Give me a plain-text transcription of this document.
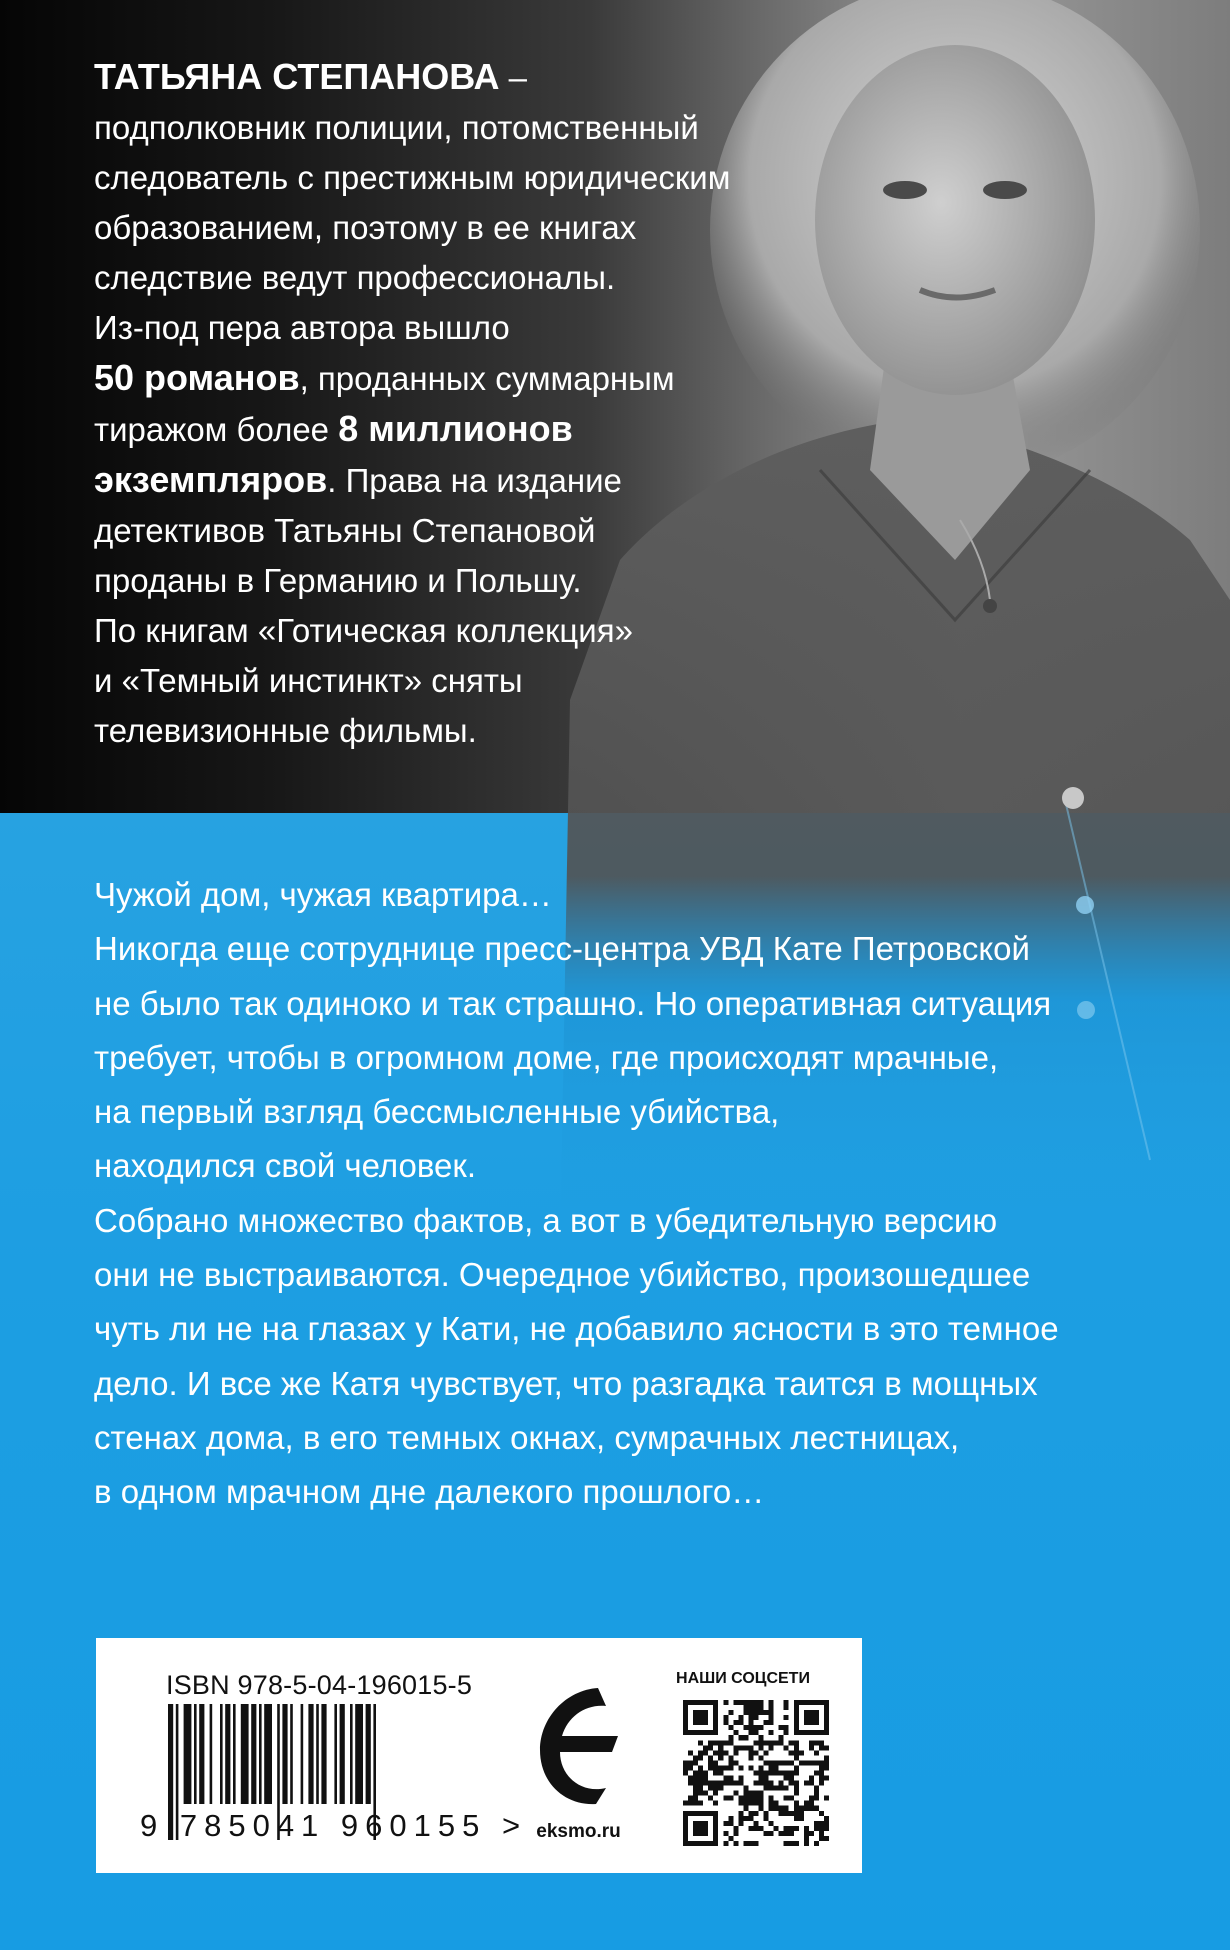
ТАТЬЯНА СТЕПАНОВА –
подполковник полиции, потомственный
следователь с престижным юридическим
образованием, поэтому в ее книгах
следствие ведут профессионалы.
Из-под пера автора вышло
50 романов, проданных суммарным
тиражом более 8 миллионов
экземпляров. Права на издание
детективов Татьяны Степановой
проданы в Германию и Польшу.
По книгам «Готическая коллекция»
и «Темный инстинкт» сняты
телевизионные фильмы.
Чужой дом, чужая квартира…
Никогда еще сотруднице пресс-центра УВД Кате Петровской
не было так одиноко и так страшно. Но оперативная ситуация
требует, чтобы в огромном доме, где происходят мрачные,
на первый взгляд бессмысленные убийства,
находился свой человек.
Собрано множество фактов, а вот в убедительную версию
они не выстраиваются. Очередное убийство, произошедшее
чуть ли не на глазах у Кати, не добавило ясности в это темное
дело. И все же Катя чувствует, что разгадка таится в мощных
стенах дома, в его темных окнах, сумрачных лестницах,
в одном мрачном дне далекого прошлого…
ISBN 978-5-04-196015-5
9 785041 960155 > eksmo.ru
НАШИ СОЦСЕТИ
